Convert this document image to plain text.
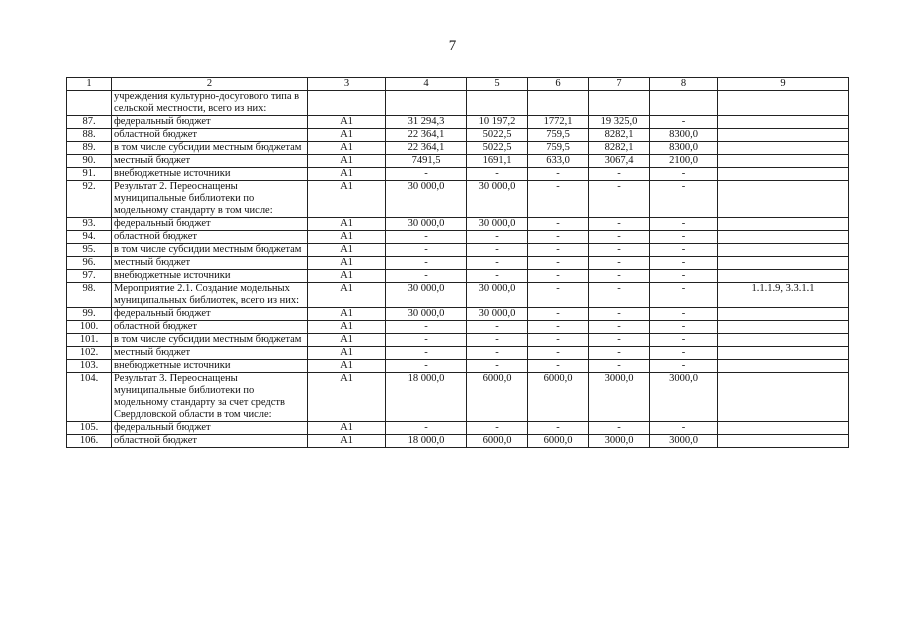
7
1	2	3	4	5	6	7	8	9
	учреждения культурно-досугового типа в сельской местности, всего из них:							
87.	федеральный бюджет	А1	31 294,3	10 197,2	1772,1	19 325,0	-	
88.	областной бюджет	А1	22 364,1	5022,5	759,5	8282,1	8300,0	
89.	в том числе субсидии местным бюджетам	А1	22 364,1	5022,5	759,5	8282,1	8300,0	
90.	местный бюджет	А1	7491,5	1691,1	633,0	3067,4	2100,0	
91.	внебюджетные источники	А1	-	-	-	-	-	
92.	Результат 2. Переоснащены муниципальные библиотеки по модельному стандарту в том числе:	А1	30 000,0	30 000,0	-	-	-	
93.	федеральный бюджет	А1	30 000,0	30 000,0	-	-	-	
94.	областной бюджет	А1	-	-	-	-	-	
95.	в том числе субсидии местным бюджетам	А1	-	-	-	-	-	
96.	местный бюджет	А1	-	-	-	-	-	
97.	внебюджетные источники	А1	-	-	-	-	-	
98.	Мероприятие 2.1. Создание модельных муниципальных библиотек, всего из них:	А1	30 000,0	30 000,0	-	-	-	1.1.1.9, 3.3.1.1
99.	федеральный бюджет	А1	30 000,0	30 000,0	-	-	-	
100.	областной бюджет	А1	-	-	-	-	-	
101.	в том числе субсидии местным бюджетам	А1	-	-	-	-	-	
102.	местный бюджет	А1	-	-	-	-	-	
103.	внебюджетные источники	А1	-	-	-	-	-	
104.	Результат 3. Переоснащены муниципальные библиотеки по модельному стандарту за счет средств Свердловской области в том числе:	А1	18 000,0	6000,0	6000,0	3000,0	3000,0	
105.	федеральный бюджет	А1	-	-	-	-	-	
106.	областной бюджет	А1	18 000,0	6000,0	6000,0	3000,0	3000,0	
